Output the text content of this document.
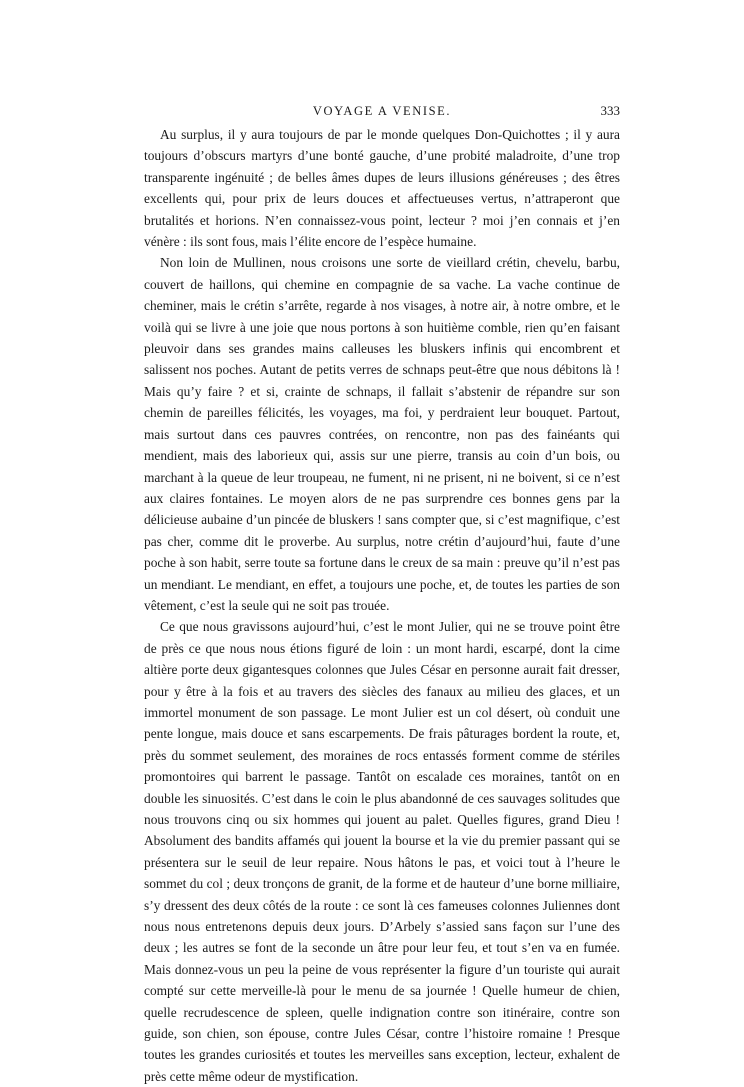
VOYAGE A VENISE.	333

Au surplus, il y aura toujours de par le monde quelques Don-Quichottes ; il y aura toujours d’obscurs martyrs d’une bonté gauche, d’une probité maladroite, d’une trop transparente ingénuité ; de belles âmes dupes de leurs illusions généreuses ; des êtres excellents qui, pour prix de leurs douces et affectueuses vertus, n’attraperont que brutalités et horions. N’en connaissez-vous point, lecteur ? moi j’en connais et j’en vénère : ils sont fous, mais l’élite encore de l’espèce humaine.

Non loin de Mullinen, nous croisons une sorte de vieillard crétin, chevelu, barbu, couvert de haillons, qui chemine en compagnie de sa vache. La vache continue de cheminer, mais le crétin s’arrête, regarde à nos visages, à notre air, à notre ombre, et le voilà qui se livre à une joie que nous portons à son huitième comble, rien qu’en faisant pleuvoir dans ses grandes mains calleuses les bluskers infinis qui encombrent et salissent nos poches. Autant de petits verres de schnaps peut-être que nous débitons là ! Mais qu’y faire ? et si, crainte de schnaps, il fallait s’abstenir de répandre sur son chemin de pareilles félicités, les voyages, ma foi, y perdraient leur bouquet. Partout, mais surtout dans ces pauvres contrées, on rencontre, non pas des fainéants qui mendient, mais des laborieux qui, assis sur une pierre, transis au coin d’un bois, ou marchant à la queue de leur troupeau, ne fument, ni ne prisent, ni ne boivent, si ce n’est aux claires fontaines. Le moyen alors de ne pas surprendre ces bonnes gens par la délicieuse aubaine d’un pincée de bluskers ! sans compter que, si c’est magnifique, c’est pas cher, comme dit le proverbe. Au surplus, notre crétin d’aujourd’hui, faute d’une poche à son habit, serre toute sa fortune dans le creux de sa main : preuve qu’il n’est pas un mendiant. Le mendiant, en effet, a toujours une poche, et, de toutes les parties de son vêtement, c’est la seule qui ne soit pas trouée.

Ce que nous gravissons aujourd’hui, c’est le mont Julier, qui ne se trouve point être de près ce que nous nous étions figuré de loin : un mont hardi, escarpé, dont la cime altière porte deux gigantesques colonnes que Jules César en personne aurait fait dresser, pour y être à la fois et au travers des siècles des fanaux au milieu des glaces, et un immortel monument de son passage. Le mont Julier est un col désert, où conduit une pente longue, mais douce et sans escarpements. De frais pâturages bordent la route, et, près du sommet seulement, des moraines de rocs entassés forment comme de stériles promontoires qui barrent le passage. Tantôt on escalade ces moraines, tantôt on en double les sinuosités. C’est dans le coin le plus abandonné de ces sauvages solitudes que nous trouvons cinq ou six hommes qui jouent au palet. Quelles figures, grand Dieu ! Absolument des bandits affamés qui jouent la bourse et la vie du premier passant qui se présentera sur le seuil de leur repaire. Nous hâtons le pas, et voici tout à l’heure le sommet du col ; deux tronçons de granit, de la forme et de hauteur d’une borne milliaire, s’y dressent des deux côtés de la route : ce sont là ces fameuses colonnes Juliennes dont nous nous entretenons depuis deux jours. D’Arbely s’assied sans façon sur l’une des deux ; les autres se font de la seconde un âtre pour leur feu, et tout s’en va en fumée. Mais donnez-vous un peu la peine de vous représenter la figure d’un touriste qui aurait compté sur cette merveille-là pour le menu de sa journée ! Quelle humeur de chien, quelle recrudescence de spleen, quelle indignation contre son itinéraire, contre son guide, son chien, son épouse, contre Jules César, contre l’histoire romaine ! Presque toutes les grandes curiosités et toutes les merveilles sans exception, lecteur, exhalent de près cette même odeur de mystification.
